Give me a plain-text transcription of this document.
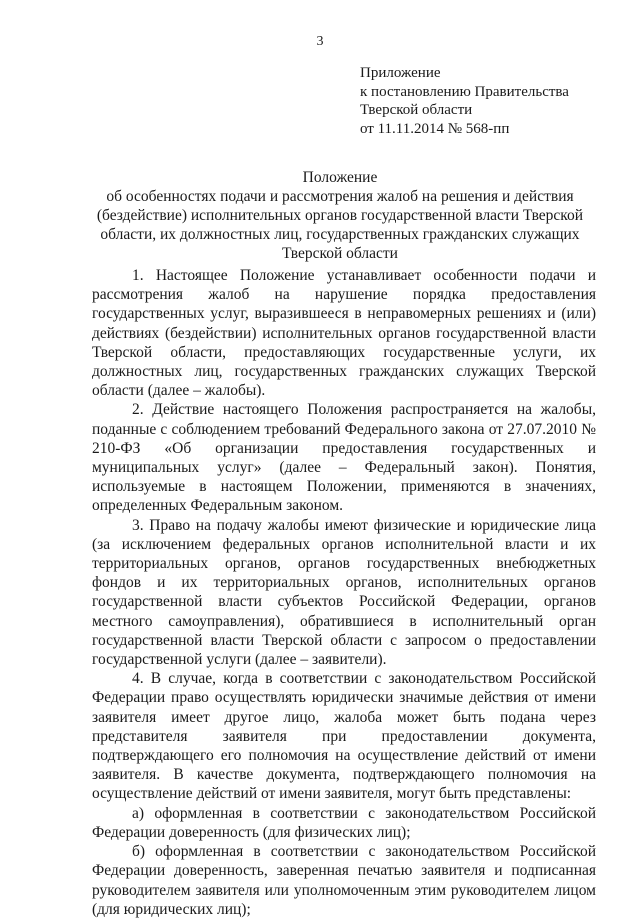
3
Приложение
к постановлению Правительства
Тверской области
от 11.11.2014 № 568-пп
Положение
об особенностях подачи и рассмотрения жалоб на решения и действия
(бездействие) исполнительных органов государственной власти Тверской
области, их должностных лиц, государственных гражданских служащих
Тверской области

1. Настоящее Положение устанавливает особенности подачи и рассмотрения жалоб на нарушение порядка предоставления государственных услуг, выразившееся в неправомерных решениях и (или) действиях (бездействии) исполнительных органов государственной власти Тверской области, предоставляющих государственные услуги, их должностных лиц, государственных гражданских служащих Тверской области (далее – жалобы).

2. Действие настоящего Положения распространяется на жалобы, поданные с соблюдением требований Федерального закона от 27.07.2010 № 210-ФЗ «Об организации предоставления государственных и муниципальных услуг» (далее – Федеральный закон). Понятия, используемые в настоящем Положении, применяются в значениях, определенных Федеральным законом.

3. Право на подачу жалобы имеют физические и юридические лица (за исключением федеральных органов исполнительной власти и их территориальных органов, органов государственных внебюджетных фондов и их территориальных органов, исполнительных органов государственной власти субъектов Российской Федерации, органов местного самоуправления), обратившиеся в исполнительный орган государственной власти Тверской области с запросом о предоставлении государственной услуги (далее – заявители).

4. В случае, когда в соответствии с законодательством Российской Федерации право осуществлять юридически значимые действия от имени заявителя имеет другое лицо, жалоба может быть подана через представителя заявителя при предоставлении документа, подтверждающего его полномочия на осуществление действий от имени заявителя. В качестве документа, подтверждающего полномочия на осуществление действий от имени заявителя, могут быть представлены:

а) оформленная в соответствии с законодательством Российской Федерации доверенность (для физических лиц);

б) оформленная в соответствии с законодательством Российской Федерации доверенность, заверенная печатью заявителя и подписанная руководителем заявителя или уполномоченным этим руководителем лицом (для юридических лиц);
